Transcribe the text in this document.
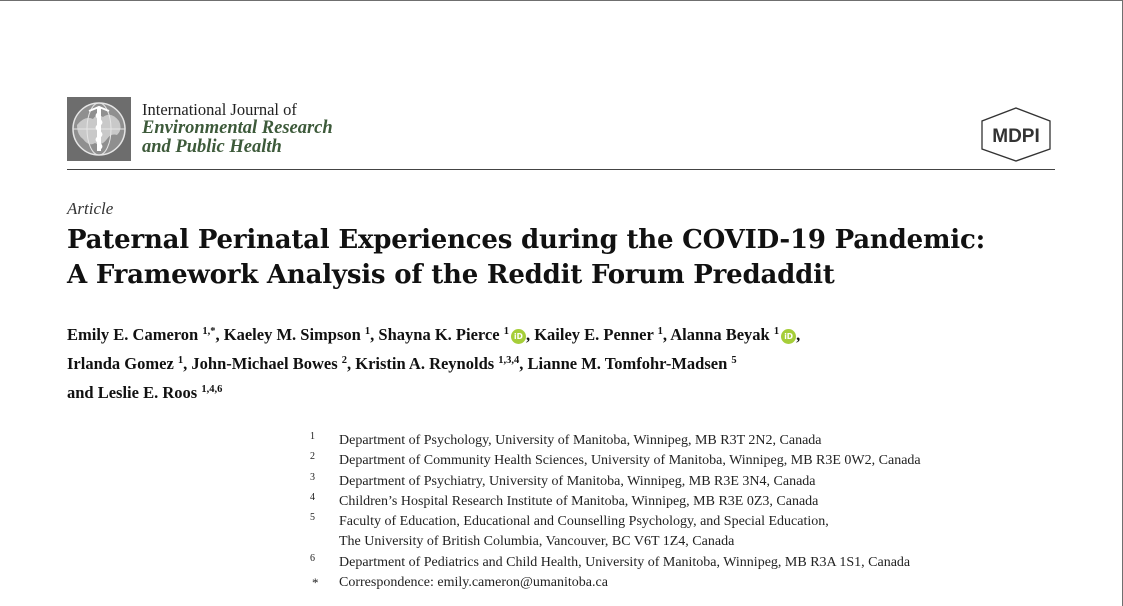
International Journal of
Environmental Research
and Public Health	MDPI
Article
Paternal Perinatal Experiences during the COVID-19 Pandemic:
A Framework Analysis of the Reddit Forum Predaddit
Emily E. Cameron $^{1,*}$, Kaeley M. Simpson $^1$, Shayna K. Pierce $^1$ iD , Kailey E. Penner $^1$, Alanna Beyak $^1$ iD ,
Irlanda Gomez $^1$, John-Michael Bowes $^2$, Kristin A. Reynolds $^{1,3,4}$, Lianne M. Tomfohr-Madsen $^5$
and Leslie E. Roos $^{1,4,6}$
1 Department of Psychology, University of Manitoba, Winnipeg, MB R3T 2N2, Canada
2 Department of Community Health Sciences, University of Manitoba, Winnipeg, MB R3E 0W2, Canada
3 Department of Psychiatry, University of Manitoba, Winnipeg, MB R3E 3N4, Canada
4 Children’s Hospital Research Institute of Manitoba, Winnipeg, MB R3E 0Z3, Canada
5 Faculty of Education, Educational and Counselling Psychology, and Special Education,
The University of British Columbia, Vancouver, BC V6T 1Z4, Canada
6 Department of Pediatrics and Child Health, University of Manitoba, Winnipeg, MB R3A 1S1, Canada
* Correspondence: emily.cameron@umanitoba.ca
